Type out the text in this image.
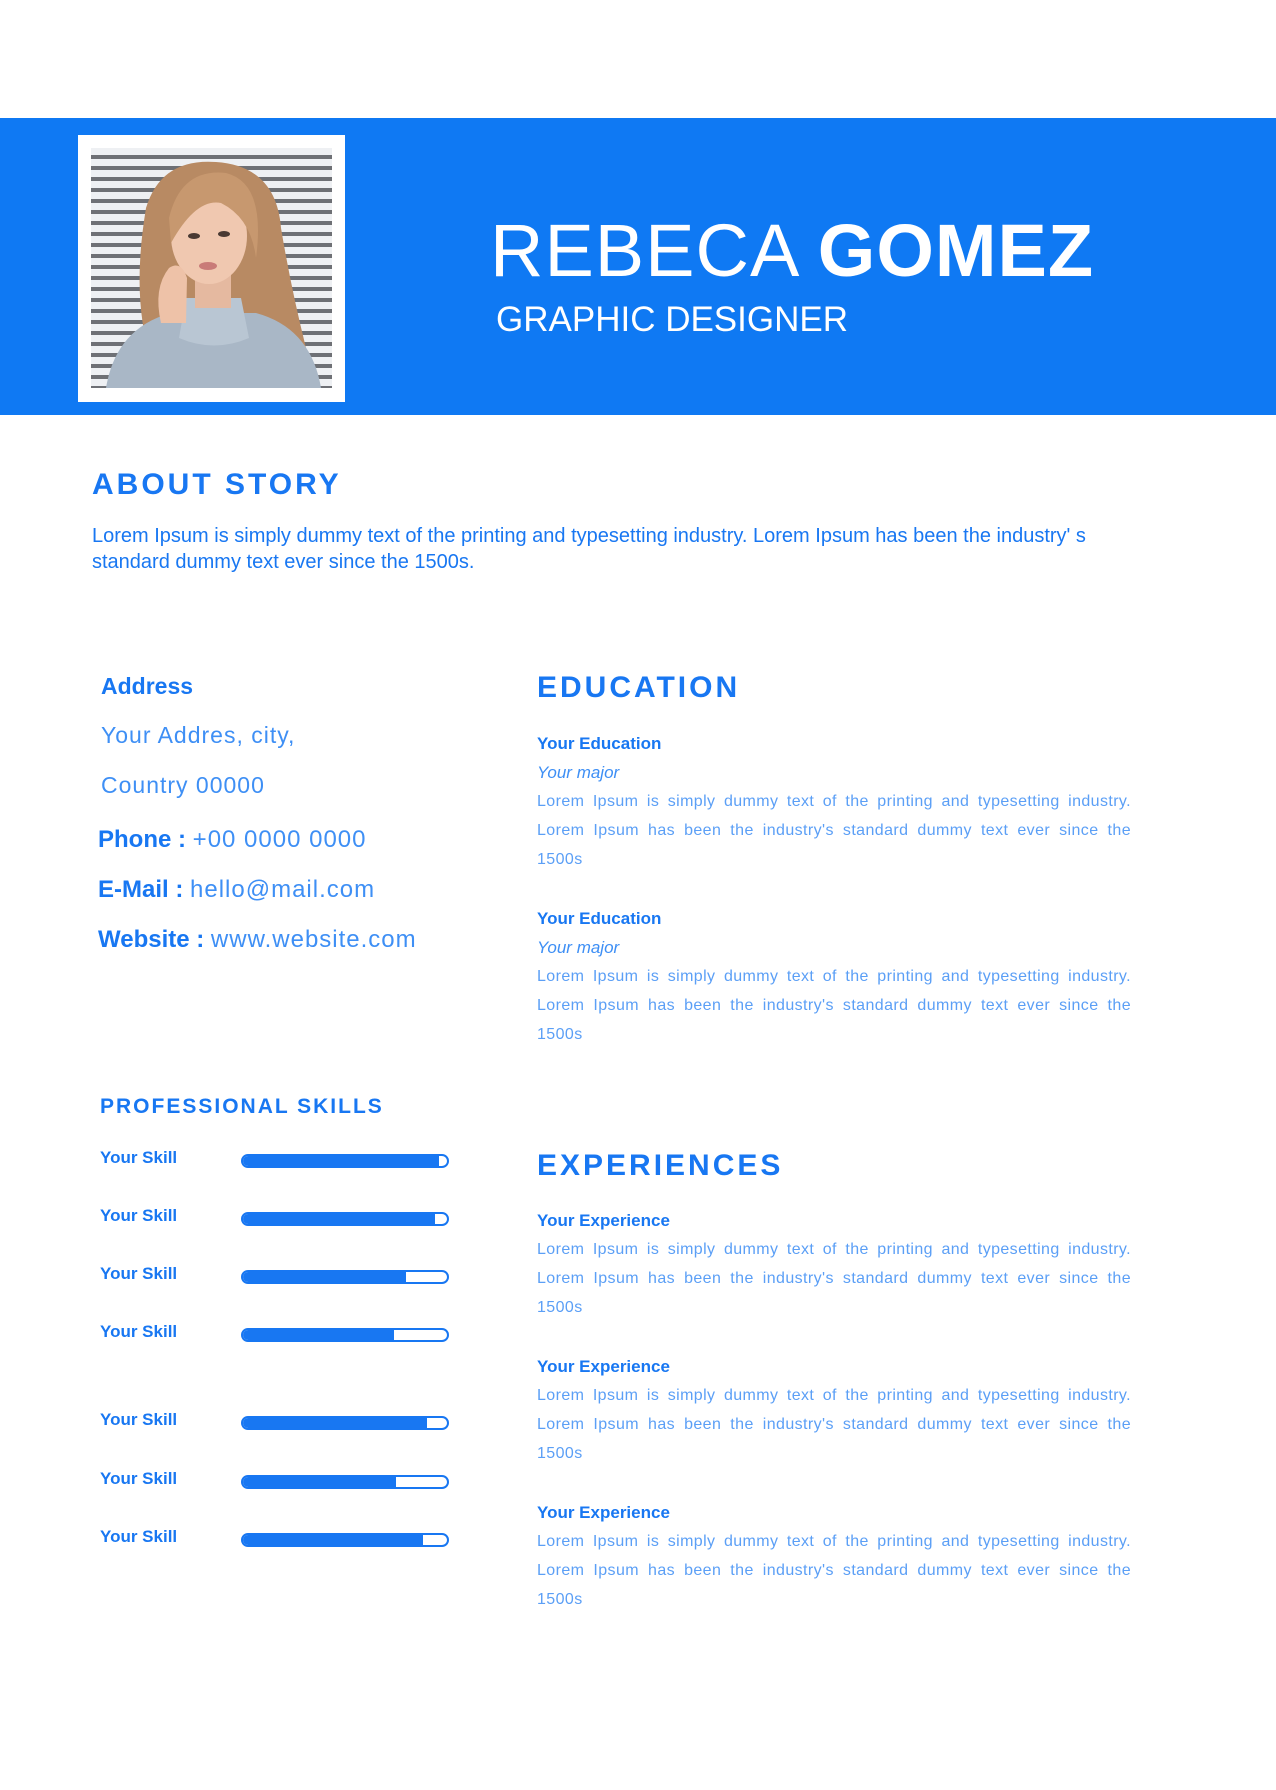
REBECA GOMEZ
GRAPHIC DESIGNER
ABOUT STORY
Lorem Ipsum is simply dummy text of the printing and typesetting industry. Lorem Ipsum has been the industry' s standard dummy text ever since the 1500s.
Address
Your Addres, city,
Country 00000
Phone : +00 0000 0000
E-Mail : hello@mail.com
Website : www.website.com
EDUCATION
Your Education
Your major
Lorem Ipsum is simply dummy text of the printing and typesetting industry. Lorem Ipsum has been the industry's standard dummy text ever since the 1500s
Your Education
Your major
Lorem Ipsum is simply dummy text of the printing and typesetting industry. Lorem Ipsum has been the industry's standard dummy text ever since the 1500s
PROFESSIONAL SKILLS
Your Skill
Your Skill
Your Skill
Your Skill
Your Skill
Your Skill
Your Skill
EXPERIENCES
Your Experience
Lorem Ipsum is simply dummy text of the printing and typesetting industry. Lorem Ipsum has been the industry's standard dummy text ever since the 1500s
Your Experience
Lorem Ipsum is simply dummy text of the printing and typesetting industry. Lorem Ipsum has been the industry's standard dummy text ever since the 1500s
Your Experience
Lorem Ipsum is simply dummy text of the printing and typesetting industry. Lorem Ipsum has been the industry's standard dummy text ever since the 1500s
